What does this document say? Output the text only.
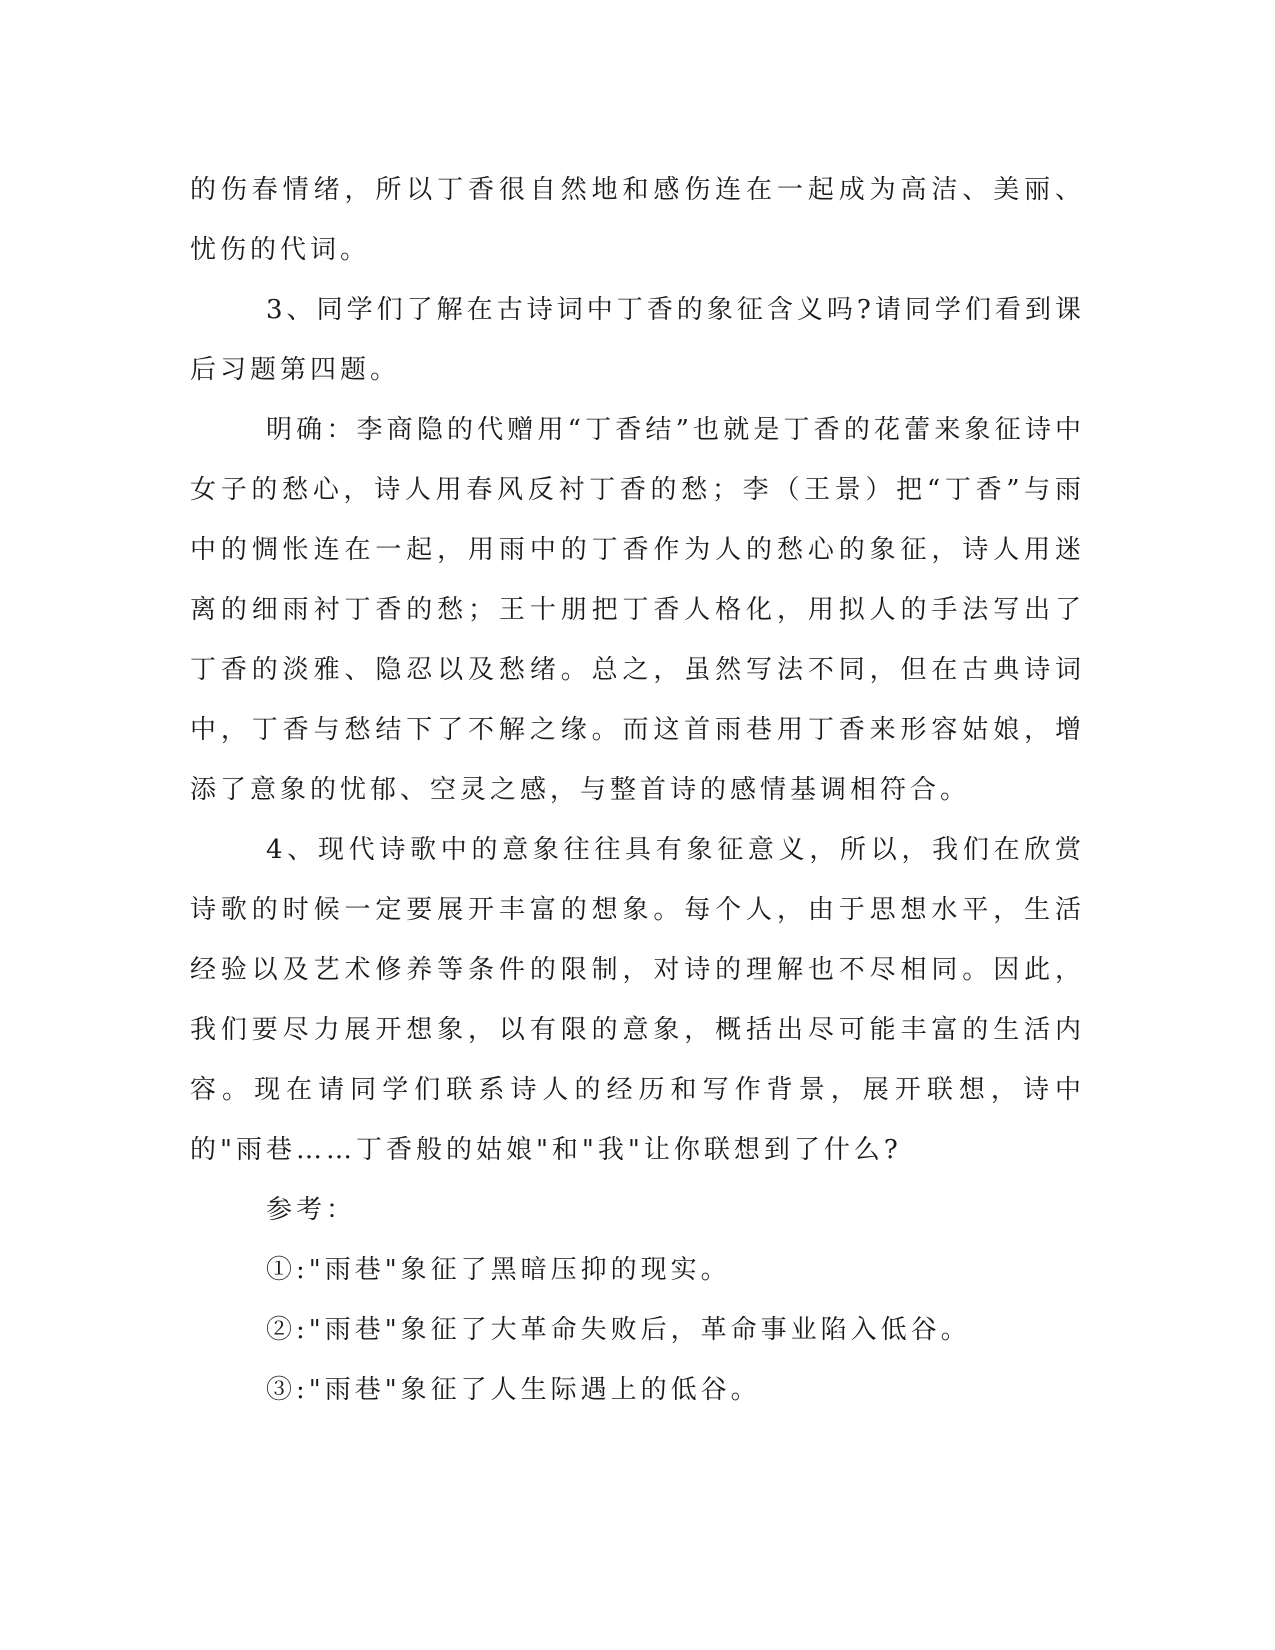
的伤春情绪，所以丁香很自然地和感伤连在一起成为高洁、美丽、忧伤的代词。

3、同学们了解在古诗词中丁香的象征含义吗?请同学们看到课后习题第四题。

明确：李商隐的代赠用“丁香结”也就是丁香的花蕾来象征诗中女子的愁心，诗人用春风反衬丁香的愁；李（王景）把“丁香”与雨中的惆怅连在一起，用雨中的丁香作为人的愁心的象征，诗人用迷离的细雨衬丁香的愁；王十朋把丁香人格化，用拟人的手法写出了丁香的淡雅、隐忍以及愁绪。总之，虽然写法不同，但在古典诗词中，丁香与愁结下了不解之缘。而这首雨巷用丁香来形容姑娘，增添了意象的忧郁、空灵之感，与整首诗的感情基调相符合。

4、现代诗歌中的意象往往具有象征意义，所以，我们在欣赏诗歌的时候一定要展开丰富的想象。每个人，由于思想水平，生活经验以及艺术修养等条件的限制，对诗的理解也不尽相同。因此，我们要尽力展开想象，以有限的意象，概括出尽可能丰富的生活内容。现在请同学们联系诗人的经历和写作背景，展开联想，诗中的"雨巷……丁香般的姑娘"和"我"让你联想到了什么?

参考：

①:"雨巷"象征了黑暗压抑的现实。

②:"雨巷"象征了大革命失败后，革命事业陷入低谷。

③:"雨巷"象征了人生际遇上的低谷。
